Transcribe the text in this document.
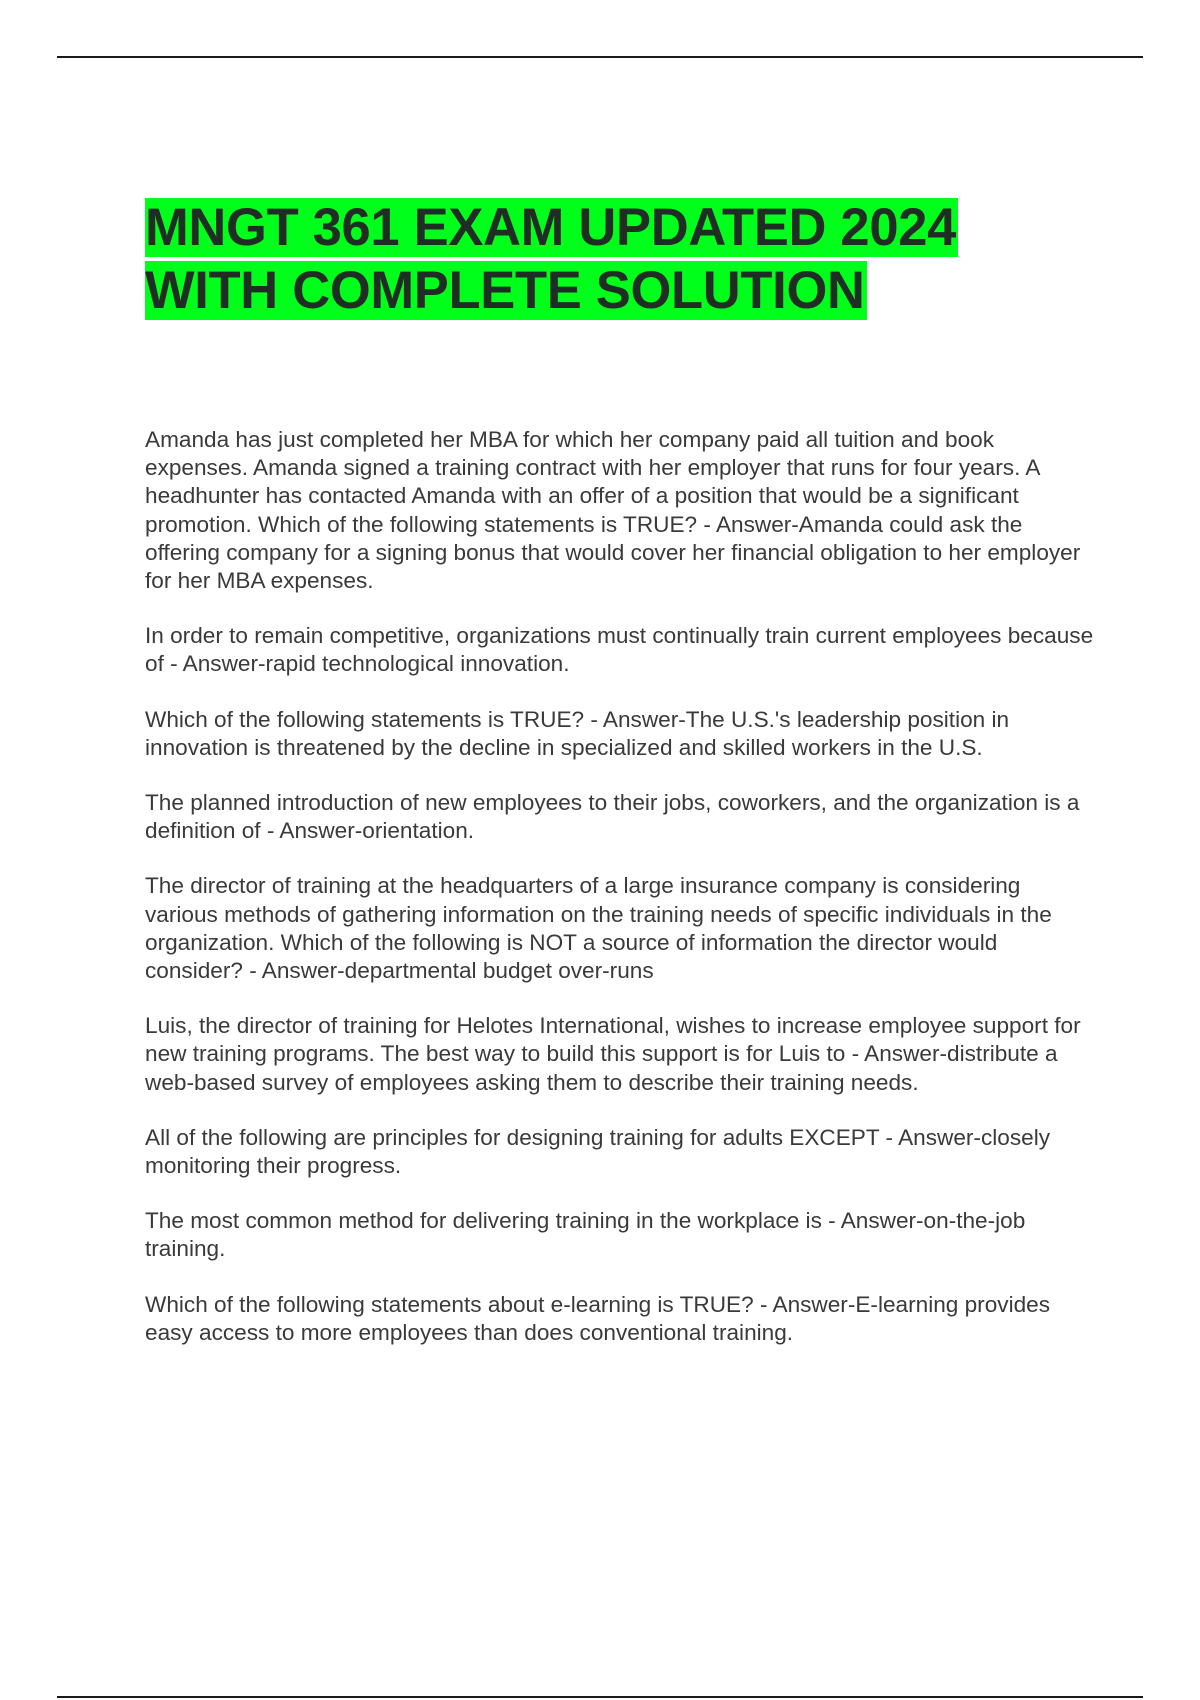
MNGT 361 EXAM UPDATED 2024
WITH COMPLETE SOLUTION

Amanda has just completed her MBA for which her company paid all tuition and book expenses. Amanda signed a training contract with her employer that runs for four years. A headhunter has contacted Amanda with an offer of a position that would be a significant promotion. Which of the following statements is TRUE? - Answer-Amanda could ask the offering company for a signing bonus that would cover her financial obligation to her employer for her MBA expenses.

In order to remain competitive, organizations must continually train current employees because of - Answer-rapid technological innovation.

Which of the following statements is TRUE? - Answer-The U.S.'s leadership position in innovation is threatened by the decline in specialized and skilled workers in the U.S.

The planned introduction of new employees to their jobs, coworkers, and the organization is a definition of - Answer-orientation.

The director of training at the headquarters of a large insurance company is considering various methods of gathering information on the training needs of specific individuals in the organization. Which of the following is NOT a source of information the director would consider? - Answer-departmental budget over-runs

Luis, the director of training for Helotes International, wishes to increase employee support for new training programs. The best way to build this support is for Luis to - Answer-distribute a web-based survey of employees asking them to describe their training needs.

All of the following are principles for designing training for adults EXCEPT - Answer-closely monitoring their progress.

The most common method for delivering training in the workplace is - Answer-on-the-job training.

Which of the following statements about e-learning is TRUE? - Answer-E-learning provides easy access to more employees than does conventional training.
